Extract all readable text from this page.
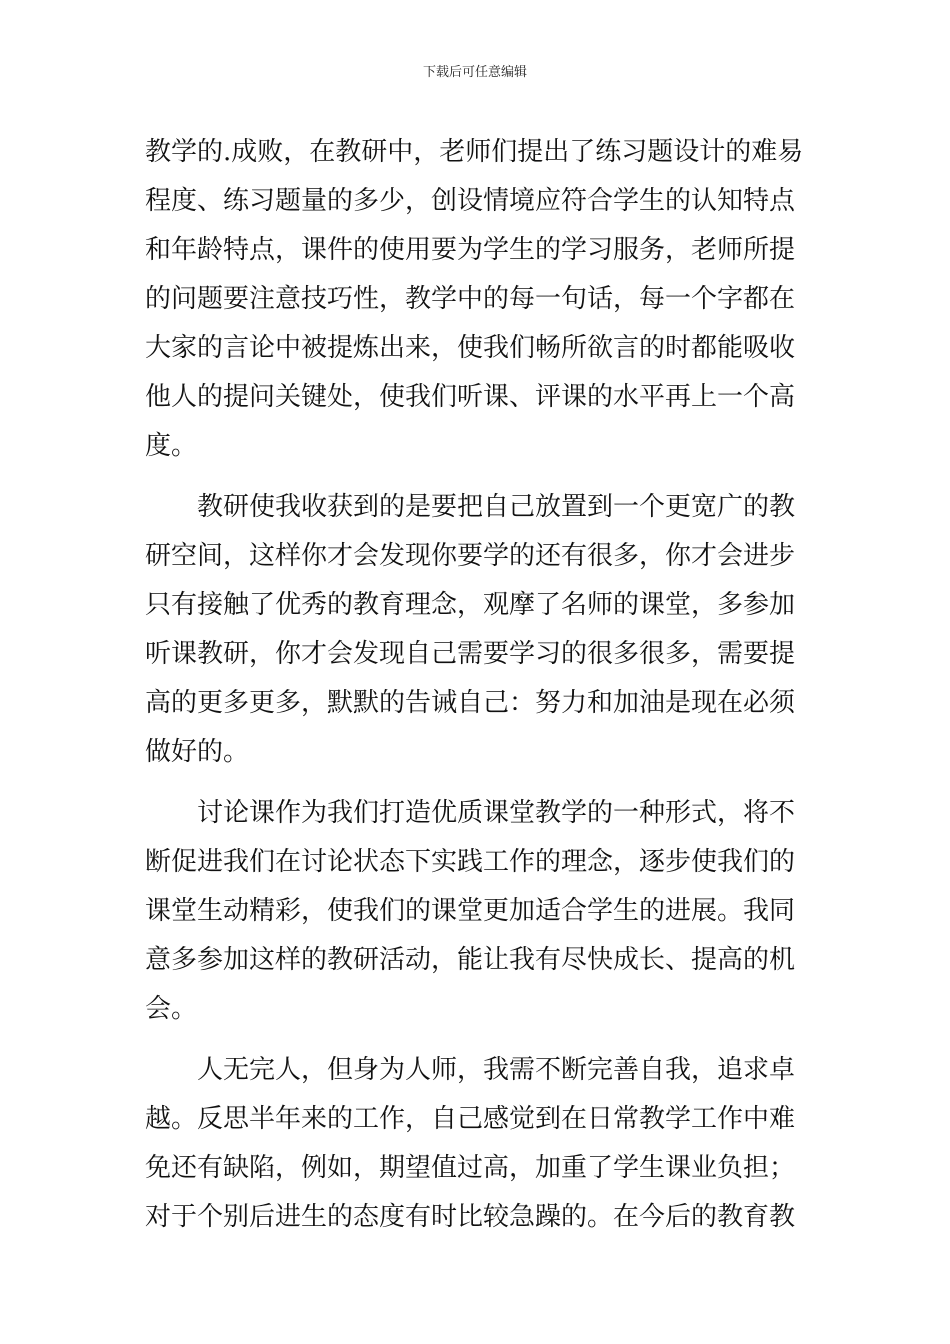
下载后可任意编辑
教学的.成败，在教研中，老师们提出了练习题设计的难易
程度、练习题量的多少，创设情境应符合学生的认知特点
和年龄特点，课件的使用要为学生的学习服务，老师所提
的问题要注意技巧性，教学中的每一句话，每一个字都在
大家的言论中被提炼出来，使我们畅所欲言的时都能吸收
他人的提问关键处，使我们听课、评课的水平再上一个高
度。
教研使我收获到的是要把自己放置到一个更宽广的教
研空间，这样你才会发现你要学的还有很多，你才会进步
只有接触了优秀的教育理念，观摩了名师的课堂，多参加
听课教研，你才会发现自己需要学习的很多很多，需要提
高的更多更多，默默的告诫自己：努力和加油是现在必须
做好的。
讨论课作为我们打造优质课堂教学的一种形式，将不
断促进我们在讨论状态下实践工作的理念，逐步使我们的
课堂生动精彩，使我们的课堂更加适合学生的进展。我同
意多参加这样的教研活动，能让我有尽快成长、提高的机
会。
人无完人，但身为人师，我需不断完善自我，追求卓
越。反思半年来的工作，自己感觉到在日常教学工作中难
免还有缺陷，例如，期望值过高，加重了学生课业负担；
对于个别后进生的态度有时比较急躁的。在今后的教育教
